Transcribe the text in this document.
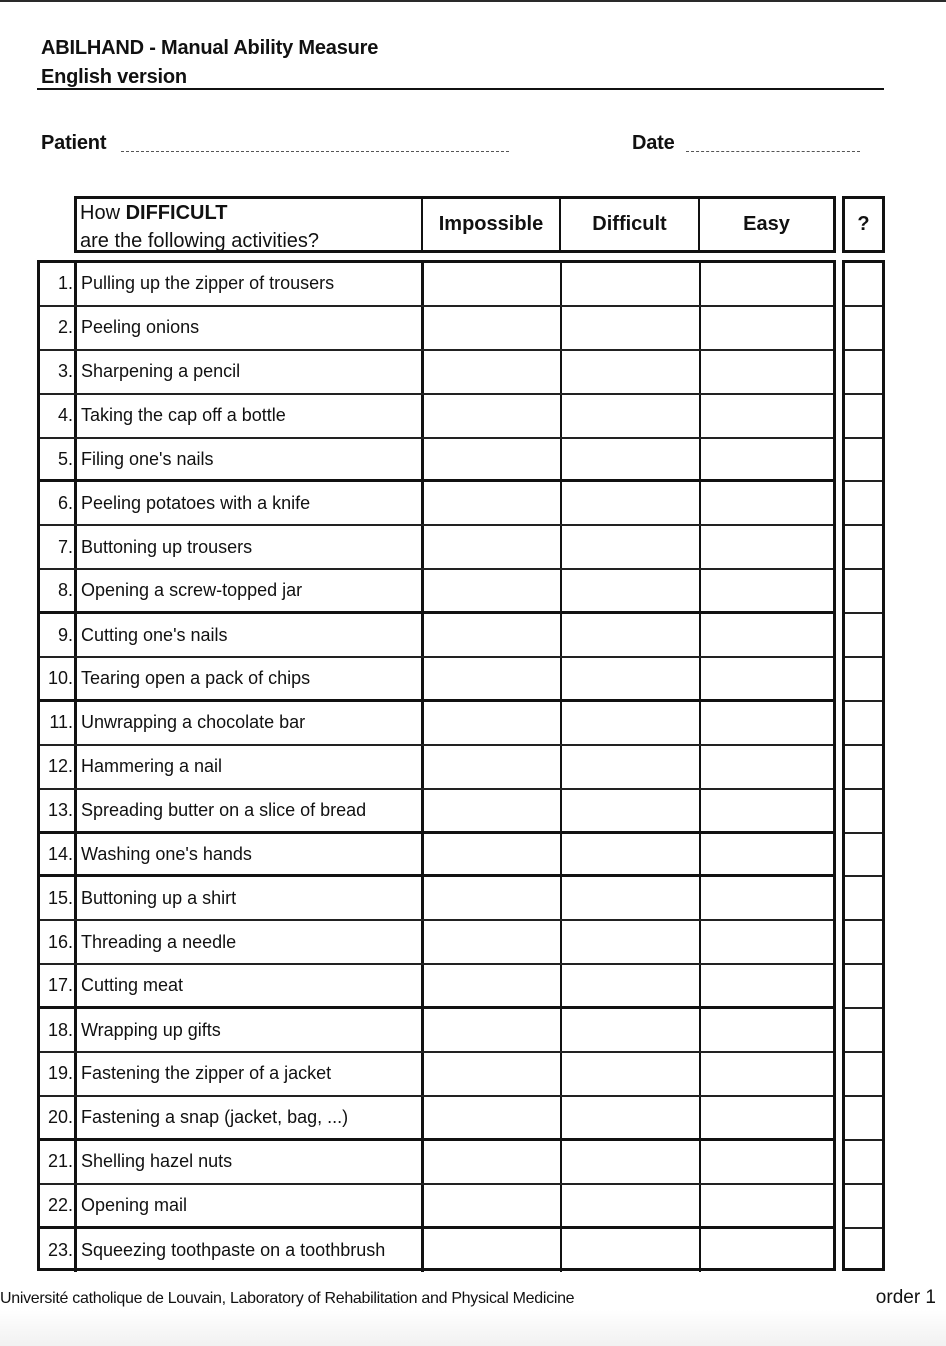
ABILHAND - Manual Ability Measure
English version
Patient	Date
How DIFFICULT
are the following activities?
Impossible	Difficult	Easy	?
1. Pulling up the zipper of trousers
2. Peeling onions
3. Sharpening a pencil
4. Taking the cap off a bottle
5. Filing one's nails
6. Peeling potatoes with a knife
7. Buttoning up trousers
8. Opening a screw-topped jar
9. Cutting one's nails
10. Tearing open a pack of chips
11. Unwrapping a chocolate bar
12. Hammering a nail
13. Spreading butter on a slice of bread
14. Washing one's hands
15. Buttoning up a shirt
16. Threading a needle
17. Cutting meat
18. Wrapping up gifts
19. Fastening the zipper of a jacket
20. Fastening a snap (jacket, bag, ...)
21. Shelling hazel nuts
22. Opening mail
23. Squeezing toothpaste on a toothbrush
Université catholique de Louvain, Laboratory of Rehabilitation and Physical Medicine	order 1
